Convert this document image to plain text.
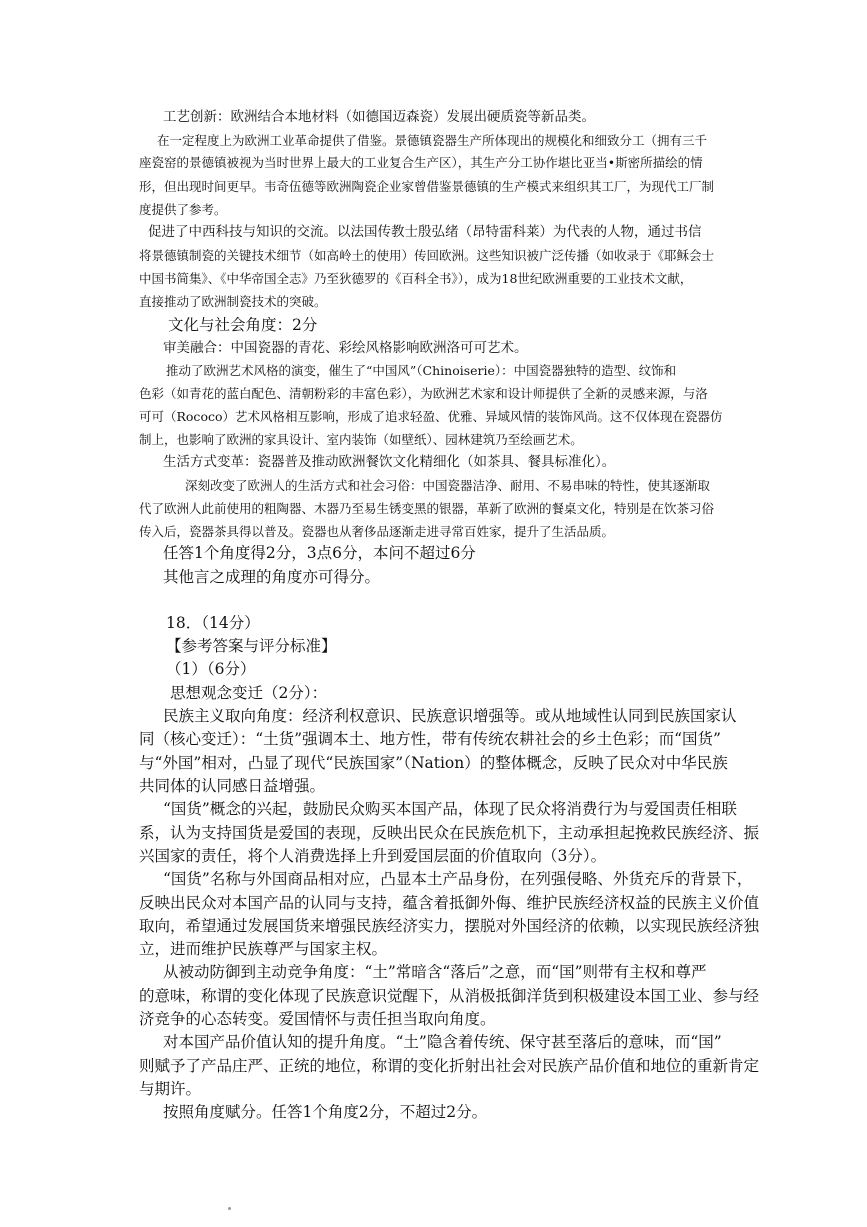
工艺创新：欧洲结合本地材料（如德国迈森瓷）发展出硬质瓷等新品类。
在一定程度上为欧洲工业革命提供了借鉴。景德镇瓷器生产所体现出的规模化和细致分工（拥有三千
座瓷窑的景德镇被视为当时世界上最大的工业复合生产区），其生产分工协作堪比亚当•斯密所描绘的情
形，但出现时间更早。韦奇伍德等欧洲陶瓷企业家曾借鉴景德镇的生产模式来组织其工厂，为现代工厂制
度提供了参考。
促进了中西科技与知识的交流。以法国传教士殷弘绪（昂特雷科莱）为代表的人物，通过书信
将景德镇制瓷的关键技术细节（如高岭土的使用）传回欧洲。这些知识被广泛传播（如收录于《耶稣会士
中国书简集》、《中华帝国全志》乃至狄德罗的《百科全书》），成为18世纪欧洲重要的工业技术文献，
直接推动了欧洲制瓷技术的突破。
文化与社会角度：2分
审美融合：中国瓷器的青花、彩绘风格影响欧洲洛可可艺术。
推动了欧洲艺术风格的演变，催生了“中国风”（Chinoiserie）：中国瓷器独特的造型、纹饰和
色彩（如青花的蓝白配色、清朝粉彩的丰富色彩），为欧洲艺术家和设计师提供了全新的灵感来源，与洛
可可（Rococo）艺术风格相互影响，形成了追求轻盈、优雅、异域风情的装饰风尚。这不仅体现在瓷器仿
制上，也影响了欧洲的家具设计、室内装饰（如壁纸）、园林建筑乃至绘画艺术。
生活方式变革：瓷器普及推动欧洲餐饮文化精细化（如茶具、餐具标准化）。
深刻改变了欧洲人的生活方式和社会习俗：中国瓷器洁净、耐用、不易串味的特性，使其逐渐取
代了欧洲人此前使用的粗陶器、木器乃至易生锈变黑的银器，革新了欧洲的餐桌文化，特别是在饮茶习俗
传入后，瓷器茶具得以普及。瓷器也从奢侈品逐渐走进寻常百姓家，提升了生活品质。
任答1个角度得2分，3点6分，本问不超过6分
其他言之成理的角度亦可得分。
18．（14分）
【参考答案与评分标准】
（1）（6分）
思想观念变迁（2分）：
民族主义取向角度：经济利权意识、民族意识增强等。或从地域性认同到民族国家认
同（核心变迁）：“土货”强调本土、地方性，带有传统农耕社会的乡土色彩；而“国货”
与“外国”相对，凸显了现代“民族国家”（Nation）的整体概念，反映了民众对中华民族
共同体的认同感日益增强。
“国货”概念的兴起，鼓励民众购买本国产品，体现了民众将消费行为与爱国责任相联
系，认为支持国货是爱国的表现，反映出民众在民族危机下，主动承担起挽救民族经济、振
兴国家的责任，将个人消费选择上升到爱国层面的价值取向（3分）。
“国货”名称与外国商品相对应，凸显本土产品身份，在列强侵略、外货充斥的背景下，
反映出民众对本国产品的认同与支持，蕴含着抵御外侮、维护民族经济权益的民族主义价值
取向，希望通过发展国货来增强民族经济实力，摆脱对外国经济的依赖，以实现民族经济独
立，进而维护民族尊严与国家主权。
从被动防御到主动竞争角度：“土”常暗含“落后”之意，而“国”则带有主权和尊严
的意味，称谓的变化体现了民族意识觉醒下，从消极抵御洋货到积极建设本国工业、参与经
济竞争的心态转变。爱国情怀与责任担当取向角度。
对本国产品价值认知的提升角度。“土”隐含着传统、保守甚至落后的意味，而“国”
则赋予了产品庄严、正统的地位，称谓的变化折射出社会对民族产品价值和地位的重新肯定
与期许。
按照角度赋分。任答1个角度2分，不超过2分。
